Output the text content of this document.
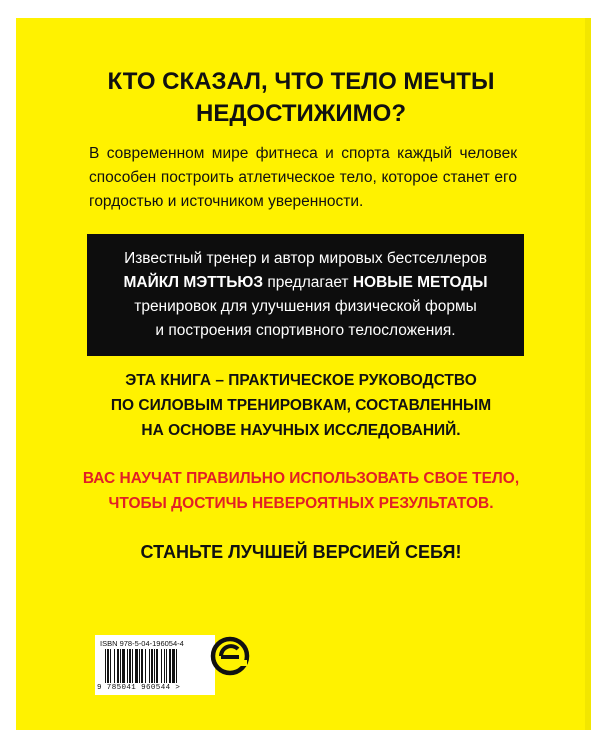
КТО СКАЗАЛ, ЧТО ТЕЛО МЕЧТЫ
НЕДОСТИЖИМО?
В современном мире фитнеса и спорта каждый человек способен построить атлетическое тело, которое станет его гордостью и источником уверенности.
Известный тренер и автор мировых бестселлеров
МАЙКЛ МЭТТЬЮЗ предлагает НОВЫЕ МЕТОДЫ
тренировок для улучшения физической формы
и построения спортивного телосложения.
ЭТА КНИГА – ПРАКТИЧЕСКОЕ РУКОВОДСТВО
ПО СИЛОВЫМ ТРЕНИРОВКАМ, СОСТАВЛЕННЫМ
НА ОСНОВЕ НАУЧНЫХ ИССЛЕДОВАНИЙ.
ВАС НАУЧАТ ПРАВИЛЬНО ИСПОЛЬЗОВАТЬ СВОЕ ТЕЛО,
ЧТОБЫ ДОСТИЧЬ НЕВЕРОЯТНЫХ РЕЗУЛЬТАТОВ.
СТАНЬТЕ ЛУЧШЕЙ ВЕРСИЕЙ СЕБЯ!
ISBN 978-5-04-196054-4
9 785041 960544 >
